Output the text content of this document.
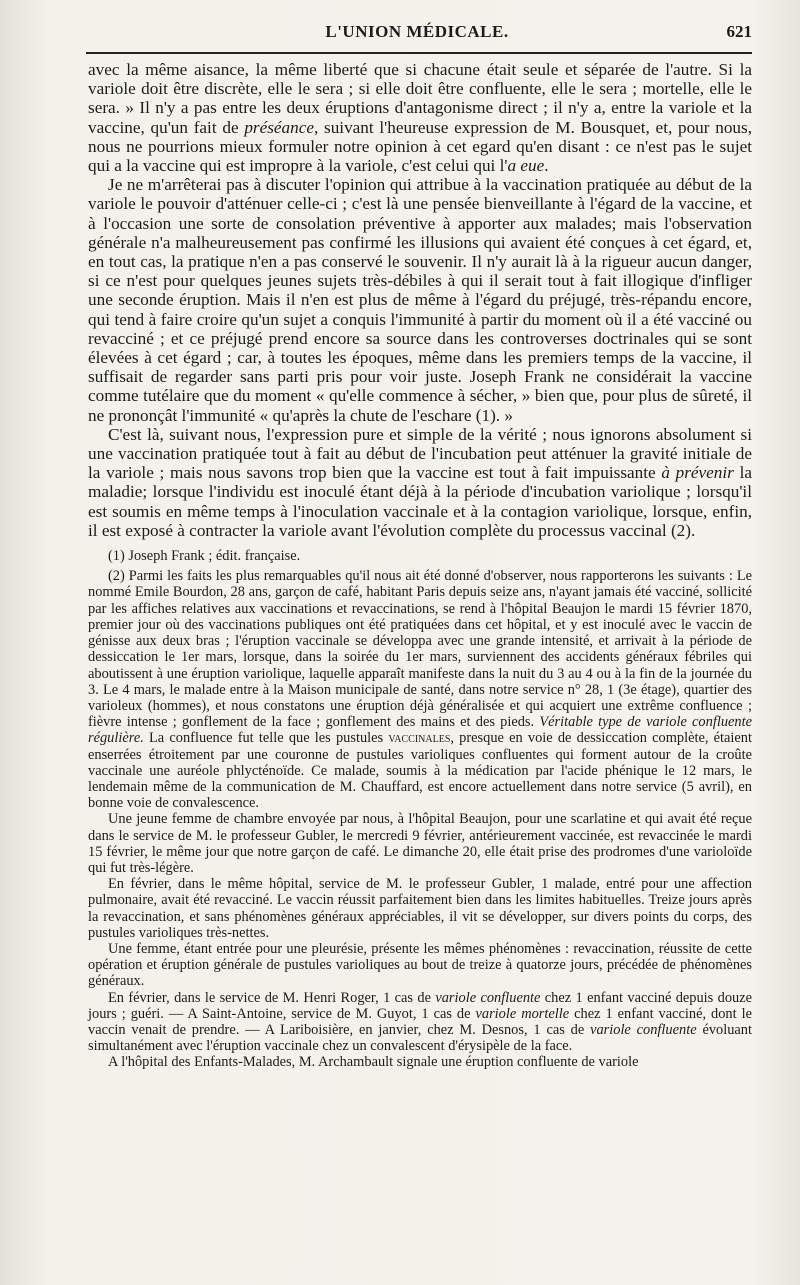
L'UNION MÉDICALE.	621

avec la même aisance, la même liberté que si chacune était seule et séparée de l'autre. Si la variole doit être discrète, elle le sera ; si elle doit être confluente, elle le sera ; mortelle, elle le sera. » Il n'y a pas entre les deux éruptions d'antagonisme direct ; il n'y a, entre la variole et la vaccine, qu'un fait de préséance, suivant l'heureuse expression de M. Bousquet, et, pour nous, nous ne pourrions mieux formuler notre opinion à cet egard qu'en disant : ce n'est pas le sujet qui a la vaccine qui est impropre à la variole, c'est celui qui l'a eue.

Je ne m'arrêterai pas à discuter l'opinion qui attribue à la vaccination pratiquée au début de la variole le pouvoir d'atténuer celle-ci ; c'est là une pensée bienveillante à l'égard de la vaccine, et à l'occasion une sorte de consolation préventive à apporter aux malades; mais l'observation générale n'a malheureusement pas confirmé les illusions qui avaient été conçues à cet égard, et, en tout cas, la pratique n'en a pas conservé le souvenir. Il n'y aurait là à la rigueur aucun danger, si ce n'est pour quelques jeunes sujets très-débiles à qui il serait tout à fait illogique d'infliger une seconde éruption. Mais il n'en est plus de même à l'égard du préjugé, très-répandu encore, qui tend à faire croire qu'un sujet a conquis l'immunité à partir du moment où il a été vacciné ou revacciné ; et ce préjugé prend encore sa source dans les controverses doctrinales qui se sont élevées à cet égard ; car, à toutes les époques, même dans les premiers temps de la vaccine, il suffisait de regarder sans parti pris pour voir juste. Joseph Frank ne considérait la vaccine comme tutélaire que du moment « qu'elle commence à sécher, » bien que, pour plus de sûreté, il ne prononçât l'immunité « qu'après la chute de l'eschare (1). »

C'est là, suivant nous, l'expression pure et simple de la vérité ; nous ignorons absolument si une vaccination pratiquée tout à fait au début de l'incubation peut atténuer la gravité initiale de la variole ; mais nous savons trop bien que la vaccine est tout à fait impuissante à prévenir la maladie; lorsque l'individu est inoculé étant déjà à la période d'incubation variolique ; lorsqu'il est soumis en même temps à l'inoculation vaccinale et à la contagion variolique, lorsque, enfin, il est exposé à contracter la variole avant l'évolution complète du processus vaccinal (2).

(1) Joseph Frank ; édit. française.

(2) Parmi les faits les plus remarquables qu'il nous ait été donné d'observer, nous rapporterons les suivants : Le nommé Emile Bourdon, 28 ans, garçon de café, habitant Paris depuis seize ans, n'ayant jamais été vacciné, sollicité par les affiches relatives aux vaccinations et revaccinations, se rend à l'hôpital Beaujon le mardi 15 février 1870, premier jour où des vaccinations publiques ont été pratiquées dans cet hôpital, et y est inoculé avec le vaccin de génisse aux deux bras ; l'éruption vaccinale se développa avec une grande intensité, et arrivait à la période de dessiccation le 1er mars, lorsque, dans la soirée du 1er mars, surviennent des accidents généraux fébriles qui aboutissent à une éruption variolique, laquelle apparaît manifeste dans la nuit du 3 au 4 ou à la fin de la journée du 3. Le 4 mars, le malade entre à la Maison municipale de santé, dans notre service n° 28, 1 (3e étage), quartier des varioleux (hommes), et nous constatons une éruption déjà généralisée et qui acquiert une extrême confluence ; fièvre intense ; gonflement de la face ; gonflement des mains et des pieds. Véritable type de variole confluente régulière. La confluence fut telle que les pustules vaccinales, presque en voie de dessiccation complète, étaient enserrées étroitement par une couronne de pustules varioliques confluentes qui forment autour de la croûte vaccinale une auréole phlycténoïde. Ce malade, soumis à la médication par l'acide phénique le 12 mars, le lendemain même de la communication de M. Chauffard, est encore actuellement dans notre service (5 avril), en bonne voie de convalescence.

Une jeune femme de chambre envoyée par nous, à l'hôpital Beaujon, pour une scarlatine et qui avait été reçue dans le service de M. le professeur Gubler, le mercredi 9 février, antérieurement vaccinée, est revaccinée le mardi 15 février, le même jour que notre garçon de café. Le dimanche 20, elle était prise des prodromes d'une varioloïde qui fut très-légère.

En février, dans le même hôpital, service de M. le professeur Gubler, 1 malade, entré pour une affection pulmonaire, avait été revacciné. Le vaccin réussit parfaitement bien dans les limites habituelles. Treize jours après la revaccination, et sans phénomènes généraux appréciables, il vit se développer, sur divers points du corps, des pustules varioliques très-nettes.

Une femme, étant entrée pour une pleurésie, présente les mêmes phénomènes : revaccination, réussite de cette opération et éruption générale de pustules varioliques au bout de treize à quatorze jours, précédée de phénomènes généraux.

En février, dans le service de M. Henri Roger, 1 cas de variole confluente chez 1 enfant vacciné depuis douze jours ; guéri. — A Saint-Antoine, service de M. Guyot, 1 cas de variole mortelle chez 1 enfant vacciné, dont le vaccin venait de prendre. — A Lariboisière, en janvier, chez M. Desnos, 1 cas de variole confluente évoluant simultanément avec l'éruption vaccinale chez un convalescent d'érysipèle de la face.

A l'hôpital des Enfants-Malades, M. Archambault signale une éruption confluente de variole
